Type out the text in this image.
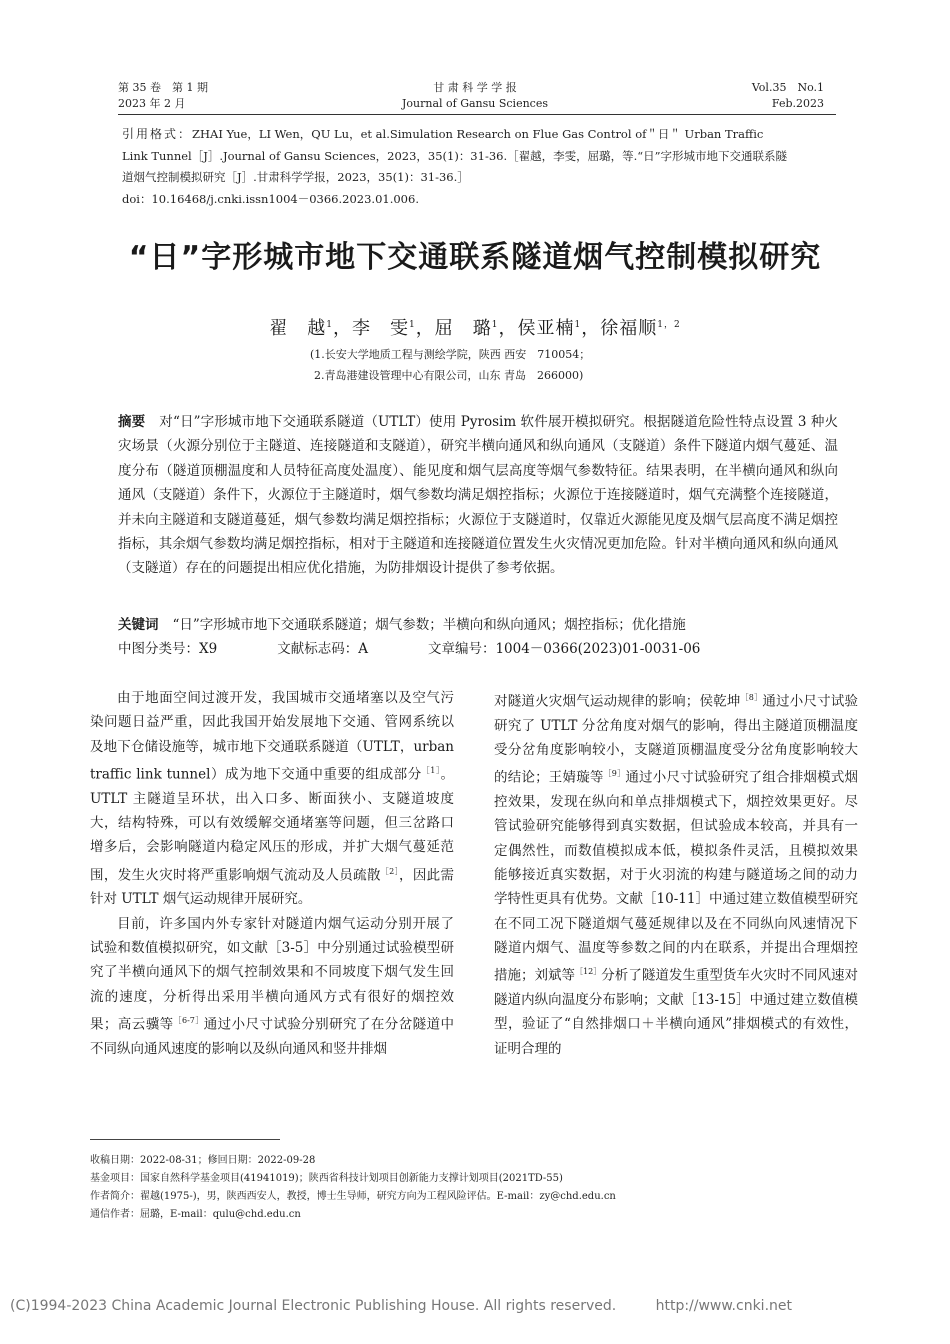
第 35 卷　第 1 期
2023 年 2 月
甘 肃 科 学 学 报
Journal of Gansu Sciences
Vol.35　No.1
Feb.2023
引用格式：ZHAI Yue，LI Wen，QU Lu，et al.Simulation Research on Flue Gas Control of＂日＂ Urban Traffic
Link Tunnel［J］.Journal of Gansu Sciences，2023，35(1)：31-36.［翟越，李雯，屈璐，等.“日”字形城市地下交通联系隧
道烟气控制模拟研究［J］.甘肃科学学报，2023，35(1)：31-36.］
doi：10.16468/j.cnki.issn1004－0366.2023.01.006.
“日”字形城市地下交通联系隧道烟气控制模拟研究
翟　越$^1$，李　雯$^1$，屈　璐$^1$，侯亚楠$^1$，徐福顺$^{1,2}$
(1.长安大学地质工程与测绘学院，陕西 西安　710054；
2.青岛港建设管理中心有限公司，山东 青岛　266000)
摘要 对“日”字形城市地下交通联系隧道（UTLT）使用 Pyrosim 软件展开模拟研究。根据隧道危险性特点设置 3 种火灾场景（火源分别位于主隧道、连接隧道和支隧道），研究半横向通风和纵向通风（支隧道）条件下隧道内烟气蔓延、温度分布（隧道顶棚温度和人员特征高度处温度）、能见度和烟气层高度等烟气参数特征。结果表明，在半横向通风和纵向通风（支隧道）条件下，火源位于主隧道时，烟气参数均满足烟控指标；火源位于连接隧道时，烟气充满整个连接隧道，并未向主隧道和支隧道蔓延，烟气参数均满足烟控指标；火源位于支隧道时，仅靠近火源能见度及烟气层高度不满足烟控指标，其余烟气参数均满足烟控指标，相对于主隧道和连接隧道位置发生火灾情况更加危险。针对半横向通风和纵向通风（支隧道）存在的问题提出相应优化措施，为防排烟设计提供了参考依据。
关键词 “日”字形城市地下交通联系隧道；烟气参数；半横向和纵向通风；烟控指标；优化措施
中图分类号：X9	文献标志码：A	文章编号：1004－0366(2023)01-0031-06

由于地面空间过渡开发，我国城市交通堵塞以及空气污染问题日益严重，因此我国开始发展地下交通、管网系统以及地下仓储设施等，城市地下交通联系隧道（UTLT，urban traffic link tunnel）成为地下交通中重要的组成部分$^{[1]}$。UTLT 主隧道呈环状，出入口多、断面狭小、支隧道坡度大，结构特殊，可以有效缓解交通堵塞等问题，但三岔路口增多后，会影响隧道内稳定风压的形成，并扩大烟气蔓延范围，发生火灾时将严重影响烟气流动及人员疏散$^{[2]}$，因此需针对 UTLT 烟气运动规律开展研究。

目前，许多国内外专家针对隧道内烟气运动分别开展了试验和数值模拟研究，如文献［3-5］中分别通过试验模型研究了半横向通风下的烟气控制效果和不同坡度下烟气发生回流的速度，分析得出采用半横向通风方式有很好的烟控效果；高云骥等$^{[6-7]}$通过小尺寸试验分别研究了在分岔隧道中不同纵向通风速度的影响以及纵向通风和竖井排烟

对隧道火灾烟气运动规律的影响；侯乾坤$^{[8]}$通过小尺寸试验研究了 UTLT 分岔角度对烟气的影响，得出主隧道顶棚温度受分岔角度影响较小，支隧道顶棚温度受分岔角度影响较大的结论；王婧璇等$^{[9]}$通过小尺寸试验研究了组合排烟模式烟控效果，发现在纵向和单点排烟模式下，烟控效果更好。尽管试验研究能够得到真实数据，但试验成本较高，并具有一定偶然性，而数值模拟成本低，模拟条件灵活，且模拟效果能够接近真实数据，对于火羽流的构建与隧道场之间的动力学特性更具有优势。文献［10-11］中通过建立数值模型研究在不同工况下隧道烟气蔓延规律以及在不同纵向风速情况下隧道内烟气、温度等参数之间的内在联系，并提出合理烟控措施；刘斌等$^{[12]}$分析了隧道发生重型货车火灾时不同风速对隧道内纵向温度分布影响；文献［13-15］中通过建立数值模型，验证了“自然排烟口＋半横向通风”排烟模式的有效性，证明合理的

收稿日期：2022-08-31；修回日期：2022-09-28
基金项目：国家自然科学基金项目(41941019)；陕西省科技计划项目创新能力支撑计划项目(2021TD-55)
作者简介：翟越(1975-)，男，陕西西安人，教授，博士生导师，研究方向为工程风险评估。E-mail：zy@chd.edu.cn
通信作者：屈璐，E-mail：qulu@chd.edu.cn
(C)1994-2023 China Academic Journal Electronic Publishing House. All rights reserved.	http://www.cnki.net
